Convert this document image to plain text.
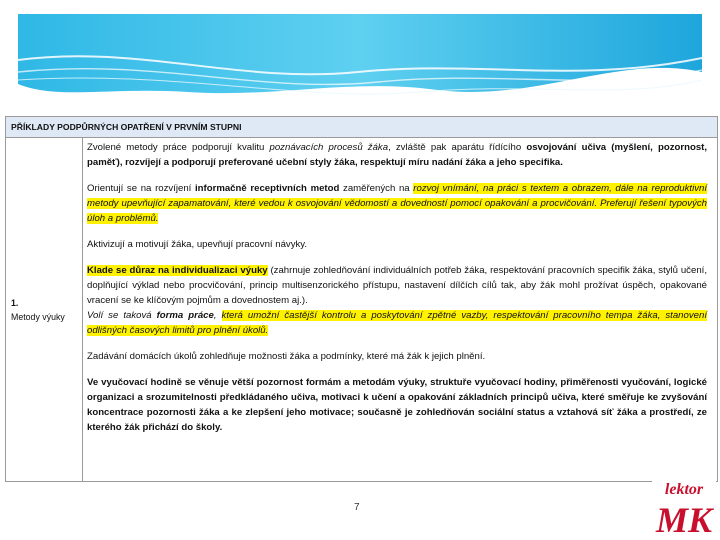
PŘÍKLADY PODPŮRNÝCH OPATŘENÍ V PRVNÍM STUPNI
1.
Metody výuky

Zvolené metody práce podporují kvalitu poznávacích procesů žáka, zvláště pak aparátu řídícího osvojování učiva (myšlení, pozornost, paměť), rozvíjejí a podporují preferované učební styly žáka, respektují míru nadání žáka a jeho specifika.

Orientují se na rozvíjení informačně receptivních metod zaměřených na rozvoj vnímání, na práci s textem a obrazem, dále na reproduktivní metody upevňující zapamatování, které vedou k osvojování vědomostí a dovedností pomocí opakování a procvičování. Preferují řešení typových úloh a problémů.

Aktivizují a motivují žáka, upevňují pracovní návyky.

Klade se důraz na individualizaci výuky (zahrnuje zohledňování individuálních potřeb žáka, respektování pracovních specifik žáka, stylů učení, doplňující výklad nebo procvičování, princip multisenzorického přístupu, nastavení dílčích cílů tak, aby žák mohl prožívat úspěch, opakované vracení se ke klíčovým pojmům a dovednostem aj.).
Volí se taková forma práce, která umožní častější kontrolu a poskytování zpětné vazby, respektování pracovního tempa žáka, stanovení odlišných časových limitů pro plnění úkolů.

Zadávání domácích úkolů zohledňuje možnosti žáka a podmínky, které má žák k jejich plnění.

Ve vyučovací hodině se věnuje větší pozornost formám a metodám výuky, struktuře vyučovací hodiny, přiměřenosti vyučování, logické organizaci a srozumitelnosti předkládaného učiva, motivaci k učení a opakování základních principů učiva, které směřuje ke zvyšování koncentrace pozornosti žáka a ke zlepšení jeho motivace; současně je zohledňován sociální status a vztahová síť žáka a prostředí, ze kterého žák přichází do školy.

7
lektor
MK
